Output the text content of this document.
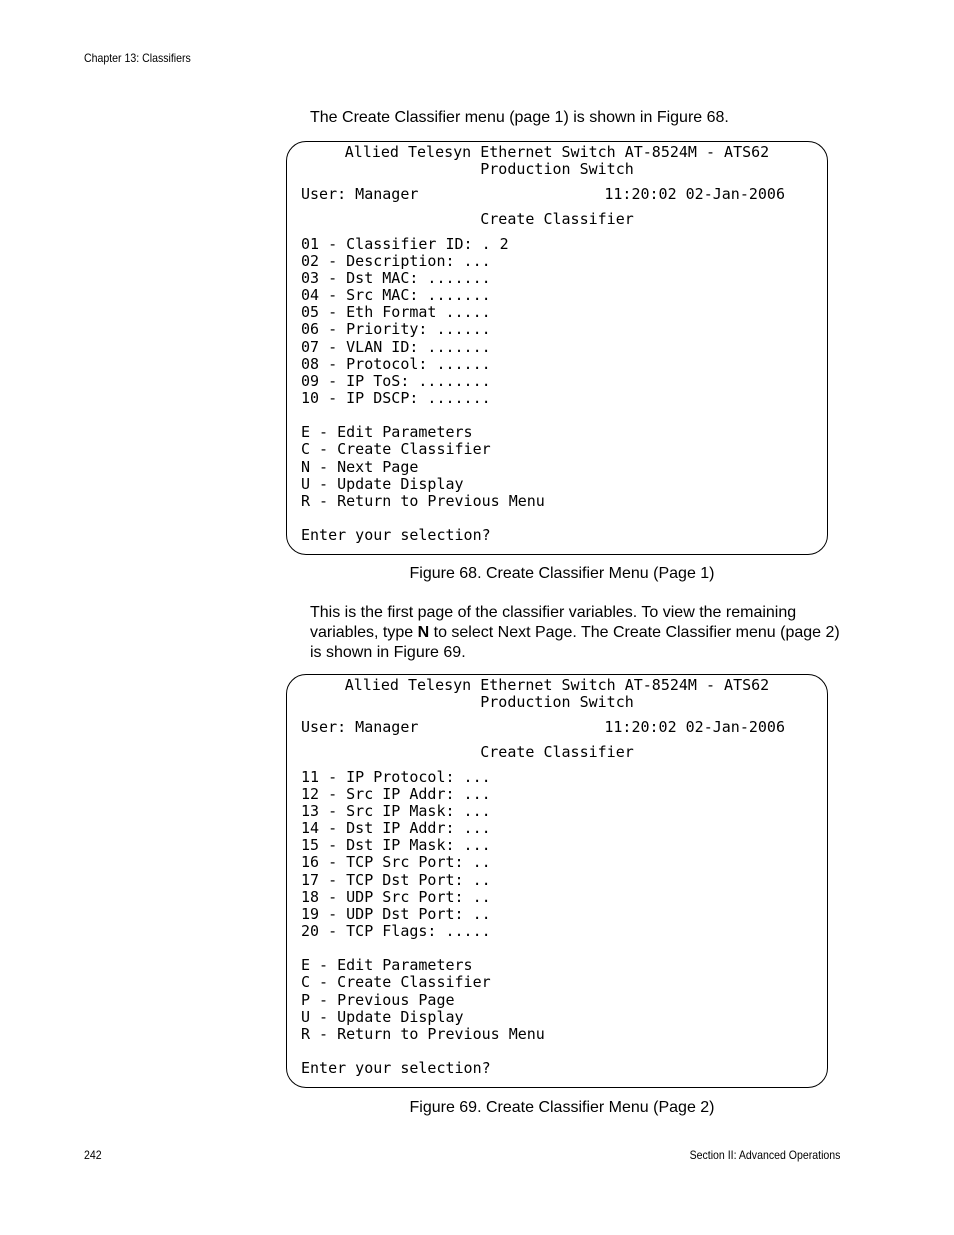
Chapter 13: Classifiers
The Create Classifier menu (page 1) is shown in Figure 68.
Allied Telesyn Ethernet Switch AT-8524M - ATS62
Production Switch
User: Manager	11:20:02 02-Jan-2006
Create Classifier
01 - Classifier ID: . 2
02 - Description: ...
03 - Dst MAC: .......
04 - Src MAC: .......
05 - Eth Format .....
06 - Priority: ......
07 - VLAN ID: .......
08 - Protocol: ......
09 - IP ToS: ........
10 - IP DSCP: .......
E - Edit Parameters
C - Create Classifier
N - Next Page
U - Update Display
R - Return to Previous Menu
Enter your selection?
Figure 68. Create Classifier Menu (Page 1)
This is the first page of the classifier variables. To view the remaining variables, type N to select Next Page. The Create Classifier menu (page 2) is shown in Figure 69.
Allied Telesyn Ethernet Switch AT-8524M - ATS62
Production Switch
User: Manager	11:20:02 02-Jan-2006
Create Classifier
11 - IP Protocol: ...
12 - Src IP Addr: ...
13 - Src IP Mask: ...
14 - Dst IP Addr: ...
15 - Dst IP Mask: ...
16 - TCP Src Port: ..
17 - TCP Dst Port: ..
18 - UDP Src Port: ..
19 - UDP Dst Port: ..
20 - TCP Flags: .....
E - Edit Parameters
C - Create Classifier
P - Previous Page
U - Update Display
R - Return to Previous Menu
Enter your selection?
Figure 69. Create Classifier Menu (Page 2)
242	Section II: Advanced Operations
